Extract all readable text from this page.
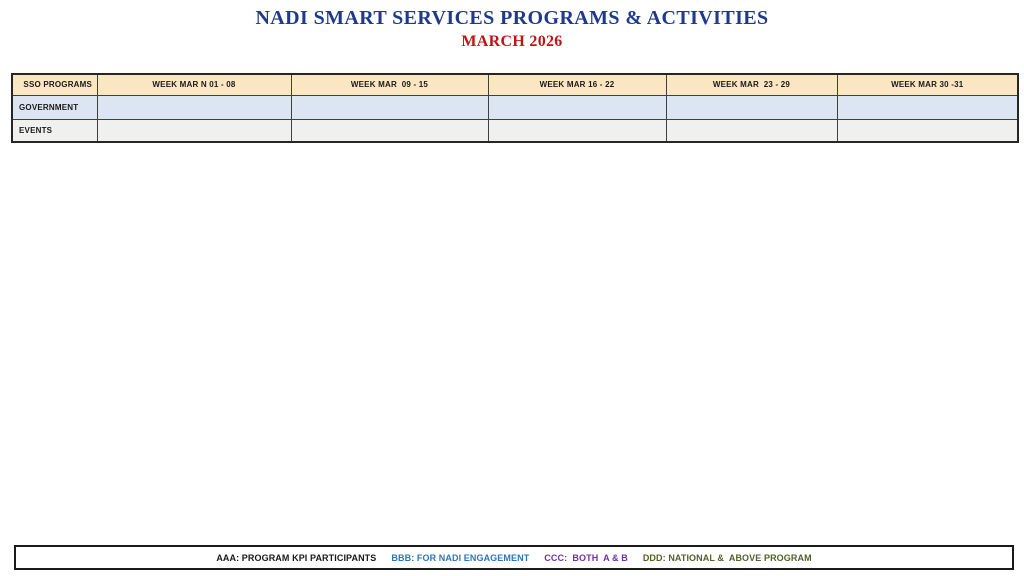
NADI SMART SERVICES PROGRAMS & ACTIVITIES
MARCH 2026
SSO PROGRAMS	WEEK MAR N 01 - 08	WEEK MAR  09 - 15	WEEK MAR 16 - 22	WEEK MAR  23 - 29	WEEK MAR 30 -31
GOVERNMENT					
EVENTS					
AAA: PROGRAM KPI PARTICIPANTS BBB: FOR NADI ENGAGEMENT CCC:  BOTH  A & B DDD: NATIONAL &  ABOVE PROGRAM
